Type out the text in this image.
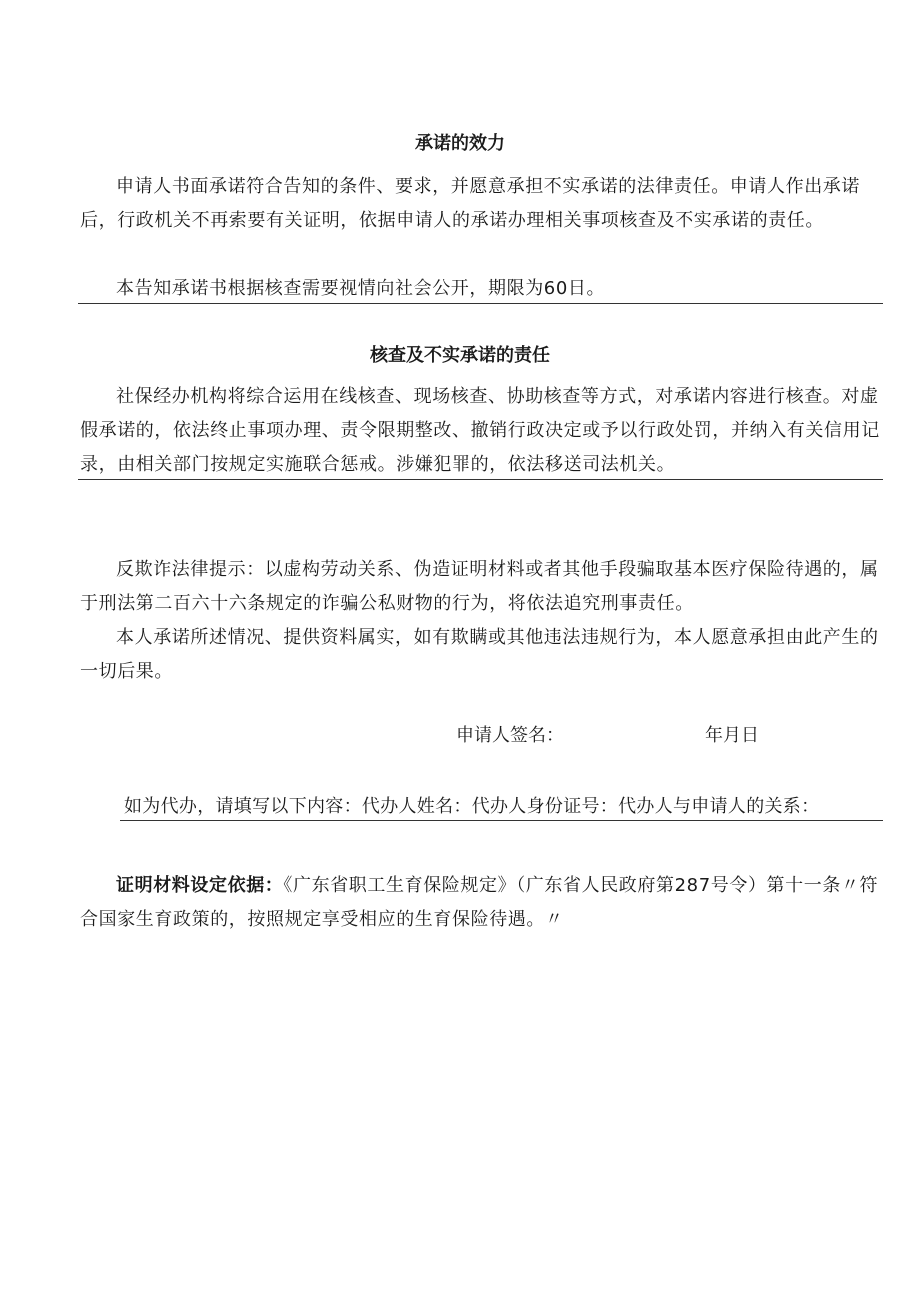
承诺的效力

申请人书面承诺符合告知的条件、要求，并愿意承担不实承诺的法律责任。申请人作出承诺后，行政机关不再索要有关证明，依据申请人的承诺办理相关事项核查及不实承诺的责任。

本告知承诺书根据核查需要视情向社会公开，期限为60日。

核查及不实承诺的责任

社保经办机构将综合运用在线核查、现场核查、协助核查等方式，对承诺内容进行核查。对虚假承诺的，依法终止事项办理、责令限期整改、撤销行政决定或予以行政处罚，并纳入有关信用记录，由相关部门按规定实施联合惩戒。涉嫌犯罪的，依法移送司法机关。

反欺诈法律提示：以虚构劳动关系、伪造证明材料或者其他手段骗取基本医疗保险待遇的，属于刑法第二百六十六条规定的诈骗公私财物的行为，将依法追究刑事责任。

本人承诺所述情况、提供资料属实，如有欺瞒或其他违法违规行为，本人愿意承担由此产生的一切后果。

申请人签名：	年月日

如为代办，请填写以下内容：代办人姓名：代办人身份证号：代办人与申请人的关系：

证明材料设定依据：《广东省职工生育保险规定》（广东省人民政府第287号令）第十一条〃符合国家生育政策的，按照规定享受相应的生育保险待遇。〃
